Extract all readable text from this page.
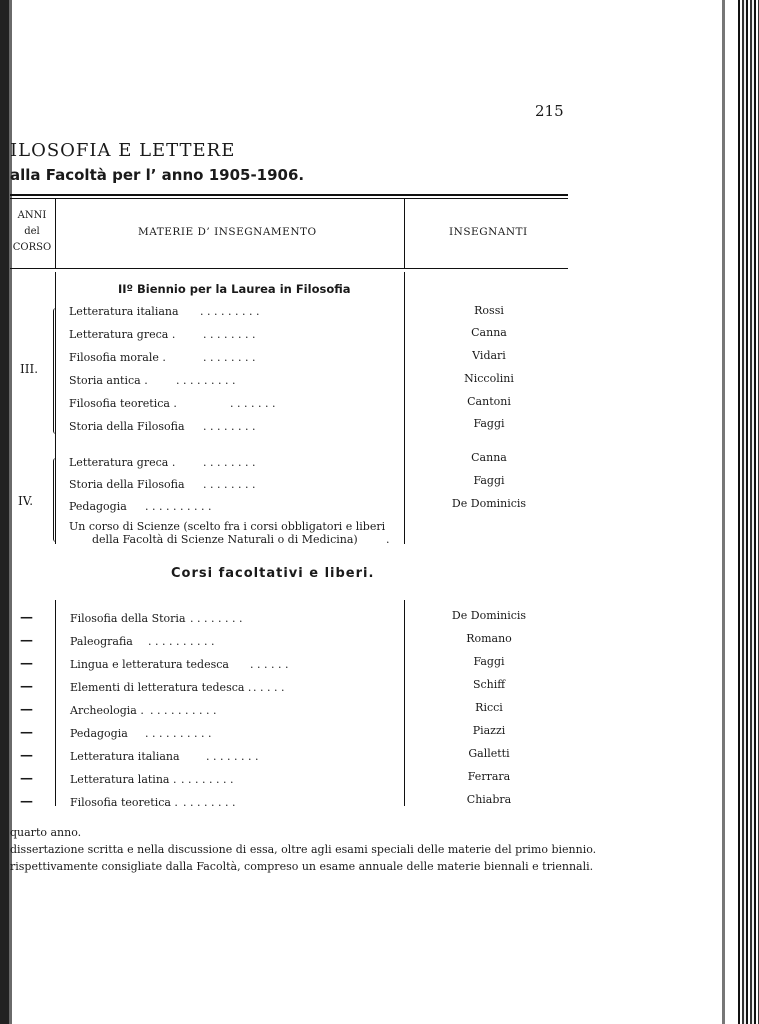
215
ILOSOFIA E LETTERE
alla Facoltà per l’ anno 1905-1906.
ANNI
del
CORSO
MATERIE D’ INSEGNAMENTO	INSEGNANTI
IIº Biennio per la Laurea in Filosofia
III.
Letteratura italiana . . . . . . . . .	Rossi
Letteratura greca .	. . . . . . . .	Canna
Filosofia morale .	. . . . . . . .	Vidari
Storia antica .	. . . . . . . . .	Niccolini
Filosofia teoretica .	. . . . . . .	Cantoni
Storia della Filosofia . . . . . . . .	Faggi
IV.
Letteratura greca .	. . . . . . . .	Canna
Storia della Filosofia . . . . . . . .	Faggi
Pedagogia . . . . . . . . . .	De Dominicis
Un corso di Scienze (scelto fra i corsi obbligatori e liberi
della Facoltà di Scienze Naturali o di Medicina)	.
Corsi facoltativi e liberi.
—	Filosofia della Storia . . . . . . . .	De Dominicis
—	Paleografia . . . . . . . . . .	Romano
—	Lingua e letteratura tedesca . . . . . .	Faggi
—	Elementi di letteratura tedesca . . . . . .	Schiff
—	Archeologia . . . . . . . . . . .	Ricci
—	Pedagogia . . . . . . . . . .	Piazzi
—	Letteratura italiana . . . . . . . .	Galletti
—	Letteratura latina . . . . . . . . .	Ferrara
—	Filosofia teoretica . . . . . . . . .	Chiabra
quarto anno.
dissertazione scritta e nella discussione di essa, oltre agli esami speciali delle materie del primo biennio.
rispettivamente consigliate dalla Facoltà, compreso un esame annuale delle materie biennali e triennali.
